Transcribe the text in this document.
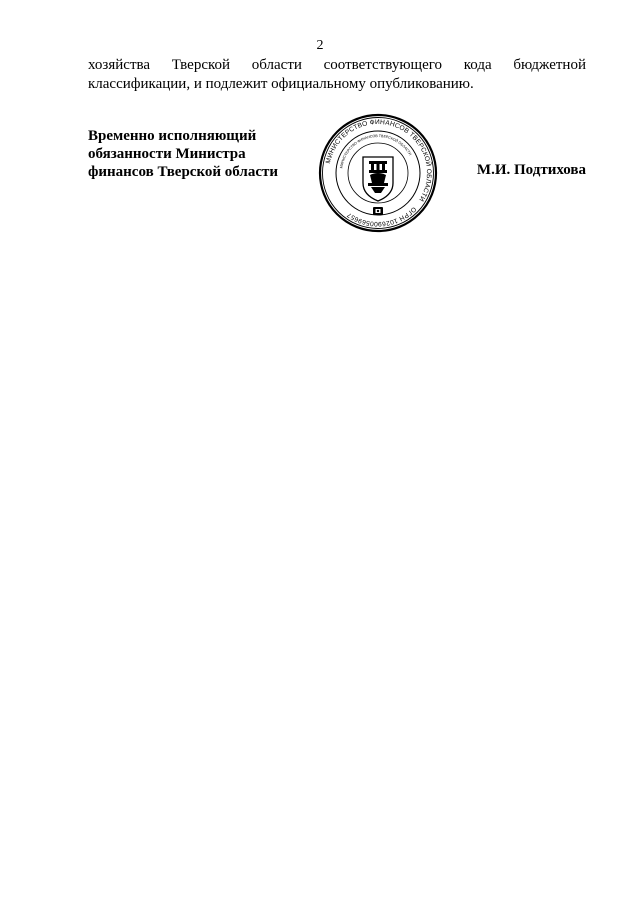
2
хозяйства Тверской области соответствующего кода бюджетной
классификации, и подлежит официальному опубликованию.
Временно исполняющий
обязанности Министра
финансов Тверской области
МИНИСТЕРСТВО ФИНАНСОВ ТВЕРСКОЙ ОБЛАСТИ
ОГРН 1026900569657
МИНИСТЕРСТВО ФИНАНСОВ ТВЕРСКОЙ ОБЛАСТИ
М.И. Подтихова
